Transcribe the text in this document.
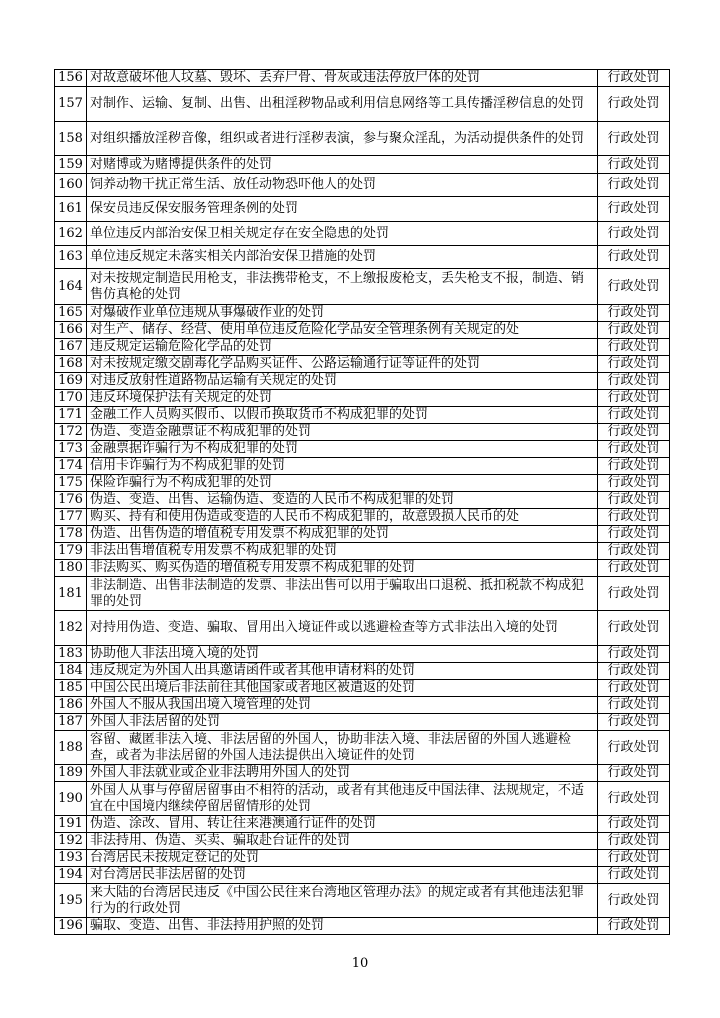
156	对故意破坏他人坟墓、毁坏、丢弃尸骨、骨灰或违法停放尸体的处罚	行政处罚
157	对制作、运输、复制、出售、出租淫秽物品或利用信息网络等工具传播淫秽信息的处罚	行政处罚
158	对组织播放淫秽音像，组织或者进行淫秽表演，参与聚众淫乱，为活动提供条件的处罚	行政处罚
159	对赌博或为赌博提供条件的处罚	行政处罚
160	饲养动物干扰正常生活、放任动物恐吓他人的处罚	行政处罚
161	保安员违反保安服务管理条例的处罚	行政处罚
162	单位违反内部治安保卫相关规定存在安全隐患的处罚	行政处罚
163	单位违反规定未落实相关内部治安保卫措施的处罚	行政处罚
164	对未按规定制造民用枪支，非法携带枪支，不上缴报废枪支，丢失枪支不报，制造、销售仿真枪的处罚	行政处罚
165	对爆破作业单位违规从事爆破作业的处罚	行政处罚
166	对生产、储存、经营、使用单位违反危险化学品安全管理条例有关规定的处	行政处罚
167	违反规定运输危险化学品的处罚	行政处罚
168	对未按规定缴交剧毒化学品购买证件、公路运输通行证等证件的处罚	行政处罚
169	对违反放射性道路物品运输有关规定的处罚	行政处罚
170	违反环境保护法有关规定的处罚	行政处罚
171	金融工作人员购买假币、以假币换取货币不构成犯罪的处罚	行政处罚
172	伪造、变造金融票证不构成犯罪的处罚	行政处罚
173	金融票据诈骗行为不构成犯罪的处罚	行政处罚
174	信用卡诈骗行为不构成犯罪的处罚	行政处罚
175	保险诈骗行为不构成犯罪的处罚	行政处罚
176	伪造、变造、出售、运输伪造、变造的人民币不构成犯罪的处罚	行政处罚
177	购买、持有和使用伪造或变造的人民币不构成犯罪的，故意毁损人民币的处	行政处罚
178	伪造、出售伪造的增值税专用发票不构成犯罪的处罚	行政处罚
179	非法出售增值税专用发票不构成犯罪的处罚	行政处罚
180	非法购买、购买伪造的增值税专用发票不构成犯罪的处罚	行政处罚
181	非法制造、出售非法制造的发票、非法出售可以用于骗取出口退税、抵扣税款不构成犯罪的处罚	行政处罚
182	对持用伪造、变造、骗取、冒用出入境证件或以逃避检查等方式非法出入境的处罚	行政处罚
183	协助他人非法出境入境的处罚	行政处罚
184	违反规定为外国人出具邀请函件或者其他申请材料的处罚	行政处罚
185	中国公民出境后非法前往其他国家或者地区被遣返的处罚	行政处罚
186	外国人不服从我国出境入境管理的处罚	行政处罚
187	外国人非法居留的处罚	行政处罚
188	容留、藏匿非法入境、非法居留的外国人，协助非法入境、非法居留的外国人逃避检查，或者为非法居留的外国人违法提供出入境证件的处罚	行政处罚
189	外国人非法就业或企业非法聘用外国人的处罚	行政处罚
190	外国人从事与停留居留事由不相符的活动，或者有其他违反中国法律、法规规定，不适宜在中国境内继续停留居留情形的处罚	行政处罚
191	伪造、涂改、冒用、转让往来港澳通行证件的处罚	行政处罚
192	非法持用、伪造、买卖、骗取赴台证件的处罚	行政处罚
193	台湾居民未按规定登记的处罚	行政处罚
194	对台湾居民非法居留的处罚	行政处罚
195	来大陆的台湾居民违反《中国公民往来台湾地区管理办法》的规定或者有其他违法犯罪行为的行政处罚	行政处罚
196	骗取、变造、出售、非法持用护照的处罚	行政处罚
10
